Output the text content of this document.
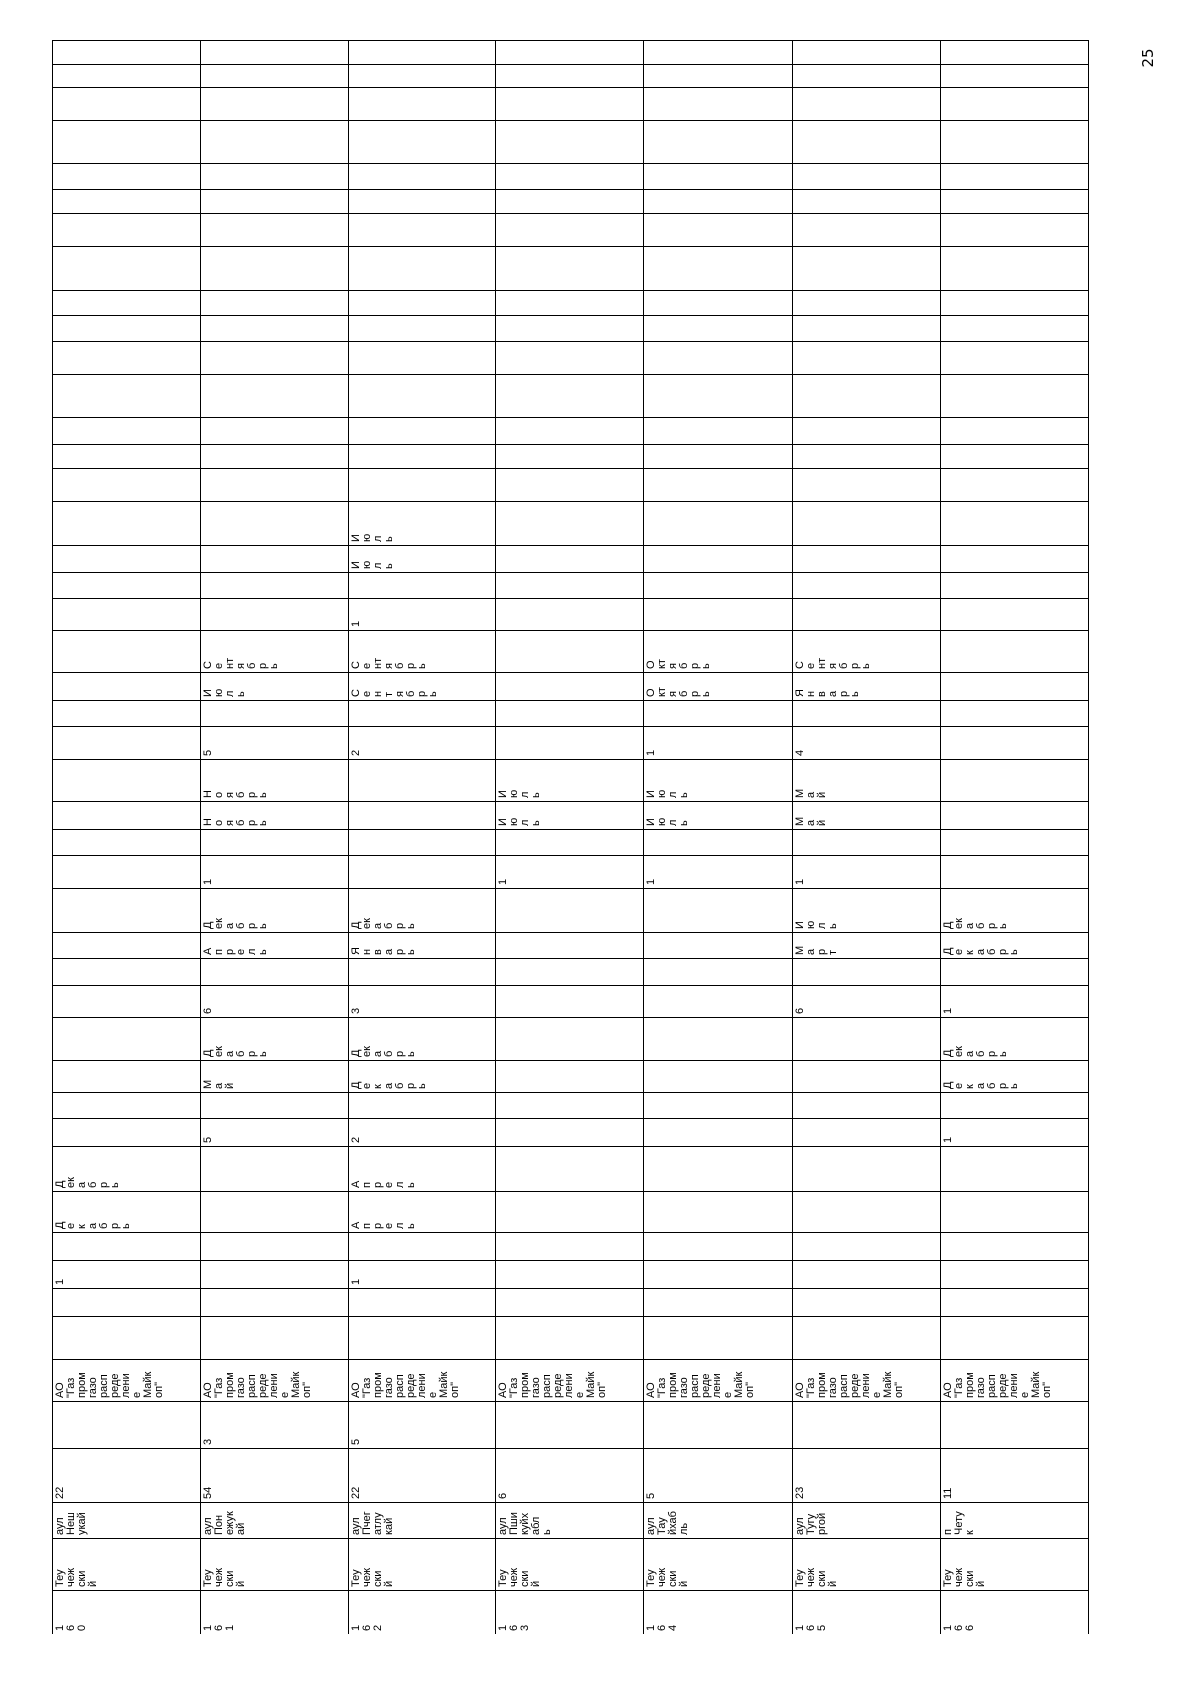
25
1
6
0
Теу
чеж
ски
й
аул
Неш
укай
22
АО
"Газ
пром
газо
расп
реде
лени
е
Майк
оп"
1
Д
е
к
а
б
р
ь
Д
ек
а
б
р
ь
1
6
1
Теу
чеж
ски
й
аул
Пон
ежук
ай
54
3
АО
"Газ
пром
газо
расп
реде
лени
е
Майк
оп"
5
М
а
й
Д
ек
а
б
р
ь
6
А
п
р
е
л
ь
Д
ек
а
б
р
ь
1
Н
о
я
б
р
ь
Н
о
я
б
р
ь
5
И
ю
л
ь
С
е
нт
я
б
р
ь
1
6
2
Теу
чеж
ски
й
аул
Пчег
атлу
кай
22
5
АО
"Газ
пром
газо
расп
реде
лени
е
Майк
оп"
1
А
п
р
е
л
ь
А
п
р
е
л
ь
2
Д
е
к
а
б
р
ь
Д
ек
а
б
р
ь
3
Я
н
в
а
р
ь
Д
ек
а
б
р
ь
2
С
е
н
т
я
б
р
ь
С
е
нт
я
б
р
ь
1
И
ю
л
ь
И
ю
л
ь
1
6
3
Теу
чеж
ски
й
аул
Пши
куйх
абл
ь
6
АО
"Газ
пром
газо
расп
реде
лени
е
Майк
оп"
1
И
ю
л
ь
И
ю
л
ь
1
6
4
Теу
чеж
ски
й
аул
Тау
йхаб
ль
5
АО
"Газ
пром
газо
расп
реде
лени
е
Майк
оп"
1
И
ю
л
ь
И
ю
л
ь
1
О
кт
я
б
р
ь
О
кт
я
б
р
ь
1
6
5
Теу
чеж
ски
й
аул
Тугу
ргой
23
АО
"Газ
пром
газо
расп
реде
лени
е
Майк
оп"
6
М
а
р
т
И
ю
л
ь
1
М
а
й
М
а
й
4
Я
н
в
а
р
ь
С
е
нт
я
б
р
ь
1
6
6
Теу
чеж
ски
й
п
Чету
к
11
АО
"Газ
пром
газо
расп
реде
лени
е
Майк
оп"
1
Д
е
к
а
б
р
ь
Д
ек
а
б
р
ь
1
Д
е
к
а
б
р
ь
Д
ек
а
б
р
ь
